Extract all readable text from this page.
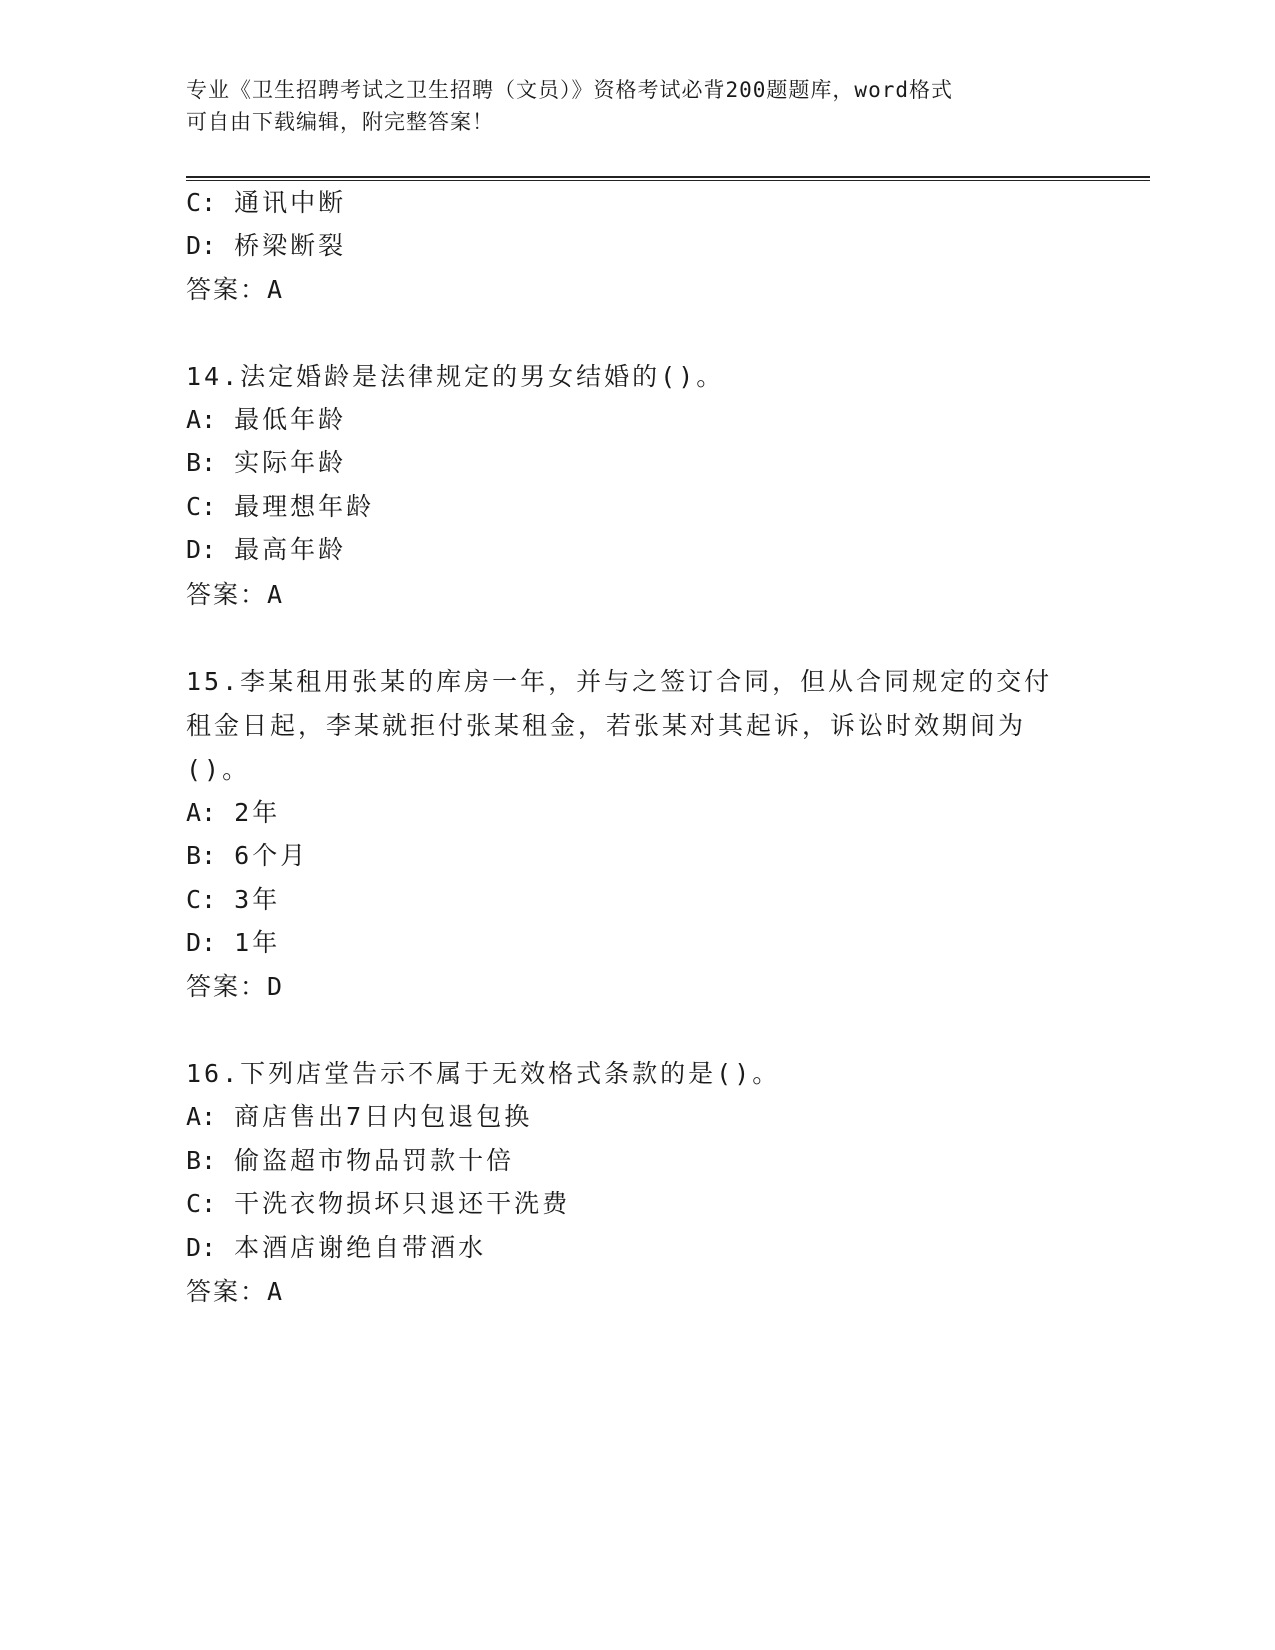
专业《卫生招聘考试之卫生招聘（文员）》资格考试必背200题题库，word格式
可自由下载编辑，附完整答案！
C: 通讯中断
D: 桥梁断裂
答案：A
14.法定婚龄是法律规定的男女结婚的()。
A: 最低年龄
B: 实际年龄
C: 最理想年龄
D: 最高年龄
答案：A
15.李某租用张某的库房一年，并与之签订合同，但从合同规定的交付
租金日起，李某就拒付张某租金，若张某对其起诉，诉讼时效期间为
()。
A: 2年
B: 6个月
C: 3年
D: 1年
答案：D
16.下列店堂告示不属于无效格式条款的是()。
A: 商店售出7日内包退包换
B: 偷盗超市物品罚款十倍
C: 干洗衣物损坏只退还干洗费
D: 本酒店谢绝自带酒水
答案：A
